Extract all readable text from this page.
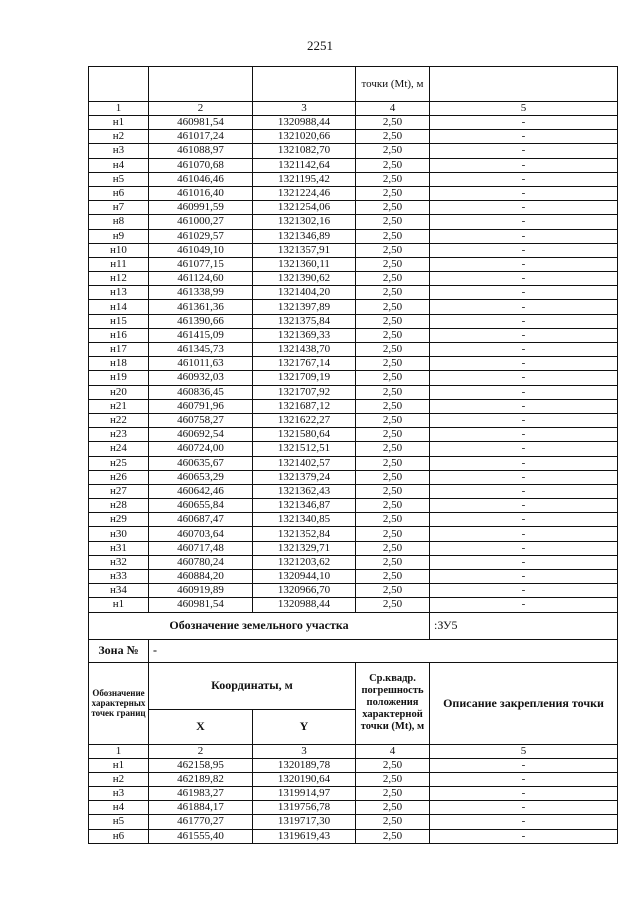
2251
			точки (Mt), м	
1	2	3	4	5
н1	460981,54	1320988,44	2,50	-
н2	461017,24	1321020,66	2,50	-
н3	461088,97	1321082,70	2,50	-
н4	461070,68	1321142,64	2,50	-
н5	461046,46	1321195,42	2,50	-
н6	461016,40	1321224,46	2,50	-
н7	460991,59	1321254,06	2,50	-
н8	461000,27	1321302,16	2,50	-
н9	461029,57	1321346,89	2,50	-
н10	461049,10	1321357,91	2,50	-
н11	461077,15	1321360,11	2,50	-
н12	461124,60	1321390,62	2,50	-
н13	461338,99	1321404,20	2,50	-
н14	461361,36	1321397,89	2,50	-
н15	461390,66	1321375,84	2,50	-
н16	461415,09	1321369,33	2,50	-
н17	461345,73	1321438,70	2,50	-
н18	461011,63	1321767,14	2,50	-
н19	460932,03	1321709,19	2,50	-
н20	460836,45	1321707,92	2,50	-
н21	460791,96	1321687,12	2,50	-
н22	460758,27	1321622,27	2,50	-
н23	460692,54	1321580,64	2,50	-
н24	460724,00	1321512,51	2,50	-
н25	460635,67	1321402,57	2,50	-
н26	460653,29	1321379,24	2,50	-
н27	460642,46	1321362,43	2,50	-
н28	460655,84	1321346,87	2,50	-
н29	460687,47	1321340,85	2,50	-
н30	460703,64	1321352,84	2,50	-
н31	460717,48	1321329,71	2,50	-
н32	460780,24	1321203,62	2,50	-
н33	460884,20	1320944,10	2,50	-
н34	460919,89	1320966,70	2,50	-
н1	460981,54	1320988,44	2,50	-
Обозначение земельного участка				:ЗУ5
Зона №	-			
Обозначение характерных точек границ	Координаты, м		Ср.квадр. погрешность положения характерной точки (Mt), м	Описание закрепления точки
	X	Y		
1	2	3	4	5
н1	462158,95	1320189,78	2,50	-
н2	462189,82	1320190,64	2,50	-
н3	461983,27	1319914,97	2,50	-
н4	461884,17	1319756,78	2,50	-
н5	461770,27	1319717,30	2,50	-
н6	461555,40	1319619,43	2,50	-
